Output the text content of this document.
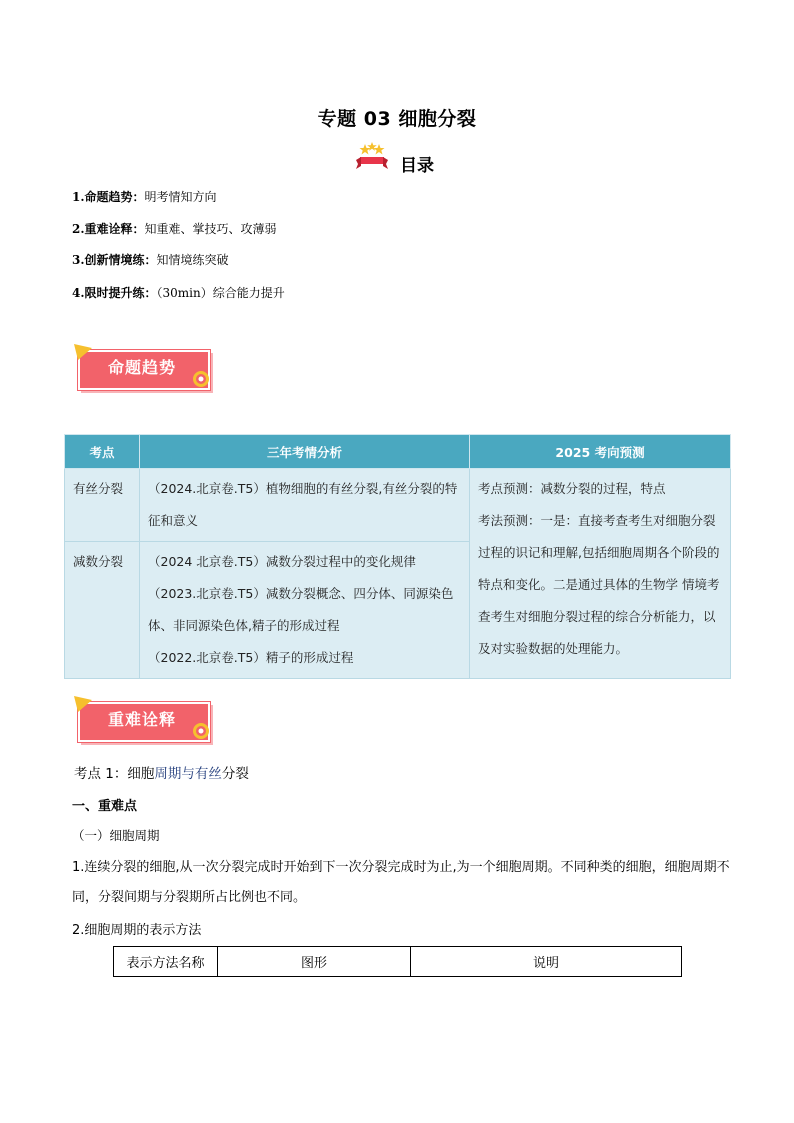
专题 03 细胞分裂
目录
1.命题趋势：明考情知方向
2.重难诠释：知重难、掌技巧、攻薄弱
3.创新情境练：知情境练突破
4.限时提升练：（30min）综合能力提升
命题趋势
考点	三年考情分析	2025 考向预测
有丝分裂	（2024.北京卷.T5）植物细胞的有丝分裂,有丝分裂的特征和意义	考点预测：减数分裂的过程，特点
考法预测：一是：直接考查考生对细胞分裂过程的识记和理解,包括细胞周期各个阶段的特点和变化。二是通过具体的生物学 情境考查考生对细胞分裂过程的综合分析能力，以及对实验数据的处理能力。

减数分裂	（2024 北京卷.T5）减数分裂过程中的变化规律
（2023.北京卷.T5）减数分裂概念、四分体、同源染色体、非同源染色体,精子的形成过程
（2022.北京卷.T5）精子的形成过程	
重难诠释
考点 1：细胞周期与有丝分裂
一、重难点
（一）细胞周期
1.连续分裂的细胞,从一次分裂完成时开始到下一次分裂完成时为止,为一个细胞周期。不同种类的细胞，细胞周期不同，分裂间期与分裂期所占比例也不同。
2.细胞周期的表示方法
表示方法名称	图形	说明
